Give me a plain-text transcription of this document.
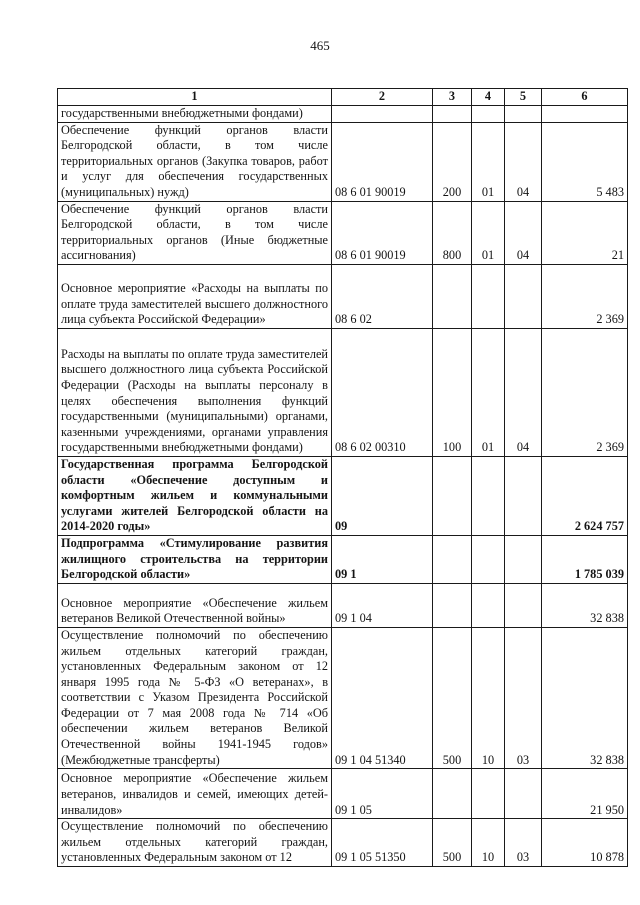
465
1	2	3	4	5	6
государственными внебюджетными фондами)					
Обеспечение функций органов власти Белгородской области, в том числе территориальных органов (Закупка товаров, работ и услуг для обеспечения государственных (муниципальных) нужд)	08 6 01 90019	200	01	04	5 483
Обеспечение функций органов власти Белгородской области, в том числе территориальных органов (Иные бюджетные ассигнования)	08 6 01 90019	800	01	04	21
Основное мероприятие «Расходы на выплаты по оплате труда заместителей высшего должностного лица субъекта Российской Федерации»	08 6 02				2 369
Расходы на выплаты по оплате труда заместителей высшего должностного лица субъекта Российской Федерации (Расходы на выплаты персоналу в целях обеспечения выполнения функций государственными (муниципальными) органами, казенными учреждениями, органами управления государственными внебюджетными фондами)	08 6 02 00310	100	01	04	2 369
Государственная программа Белгородской области «Обеспечение доступным и комфортным жильем и коммунальными услугами жителей Белгородской области на 2014-2020 годы»	09				2 624 757
Подпрограмма «Стимулирование развития жилищного строительства на территории Белгородской области»	09 1				1 785 039
Основное мероприятие «Обеспечение жильем ветеранов Великой Отечественной войны»	09 1 04				32 838
Осуществление полномочий по обеспечению жильем отдельных категорий граждан, установленных Федеральным законом от 12 января 1995 года № 5-ФЗ «О ветеранах», в соответствии с Указом Президента Российской Федерации от 7 мая 2008 года № 714 «Об обеспечении жильем ветеранов Великой Отечественной войны 1941-1945 годов» (Межбюджетные трансферты)	09 1 04 51340	500	10	03	32 838
Основное мероприятие «Обеспечение жильем ветеранов, инвалидов и семей, имеющих детей-инвалидов»	09 1 05				21 950
Осуществление полномочий по обеспечению жильем отдельных категорий граждан, установленных Федеральным законом от 12	09 1 05 51350	500	10	03	10 878
